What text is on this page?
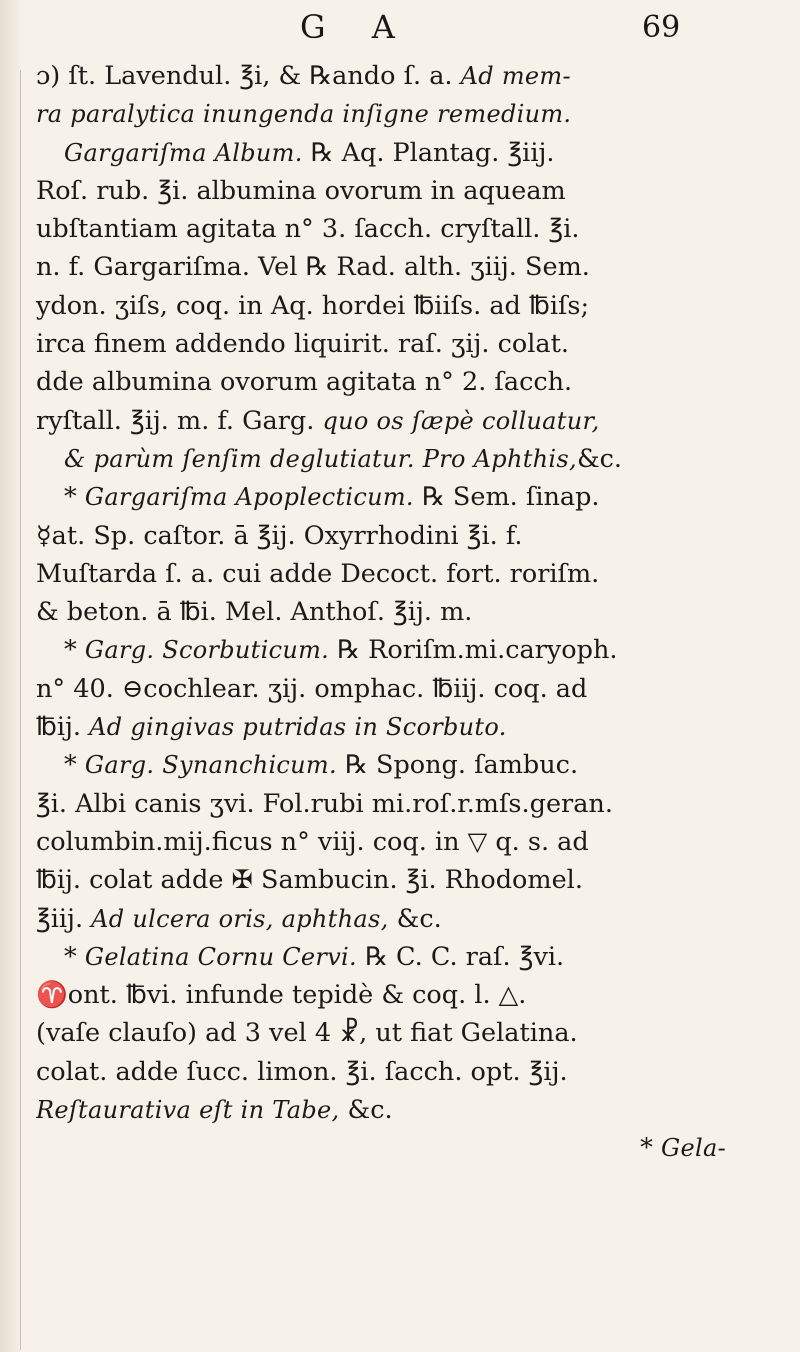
G A	69
ɔ) ſt. Lavendul. ℥i, & ℞ando ſ. a. Ad mem-
ra paralytica inungenda inſigne remedium.
Gargariſma Album. ℞ Aq. Plantag. ℥iij.
Roſ. rub. ℥i. albumina ovorum in aqueam
ubſtantiam agitata n° 3. ſacch. cryſtall. ℥i.
n. f. Gargariſma. Vel ℞ Rad. alth. ʒiij. Sem.
ydon. ʒiſs, coq. in Aq. hordei ℔iiſs. ad ℔iſs;
irca finem addendo liquirit. raſ. ʒij. colat.
dde albumina ovorum agitata n° 2. ſacch.
ryſtall. ℥ij. m. f. Garg. quo os ſæpè colluatur,
& parùm ſenſim deglutiatur. Pro Aphthis,&c.
* Gargariſma Apoplecticum. ℞ Sem. ſinap.
☿at. Sp. caſtor. ā ℥ij. Oxyrrhodini ℥i. f.
Muſtarda ſ. a. cui adde Decoct. fort. roriſm.
& beton. ā ℔i. Mel. Anthoſ. ℥ij. m.
* Garg. Scorbuticum. ℞ Roriſm.mi.caryoph.
n° 40. ⊖cochlear. ʒij. omphac. ℔iij. coq. ad
℔ij. Ad gingivas putridas in Scorbuto.
* Garg. Synanchicum. ℞ Spong. ſambuc.
℥i. Albi canis ʒvi. Fol.rubi mi.roſ.r.mſs.geran.
columbin.mij.ficus n° viij. coq. in ▽ q. s. ad
℔ij. colat adde ✠ Sambucin. ℥i. Rhodomel.
℥iij. Ad ulcera oris, aphthas, &c.
* Gelatina Cornu Cervi. ℞ C. C. raſ. ℥vi.
♈ont. ℔vi. infunde tepidè & coq. l. △.
(vaſe clauſo) ad 3 vel 4 ☧, ut fiat Gelatina.
colat. adde ſucc. limon. ℥i. ſacch. opt. ℥ij.
Reſtaurativa eſt in Tabe, &c.
* Gela-
